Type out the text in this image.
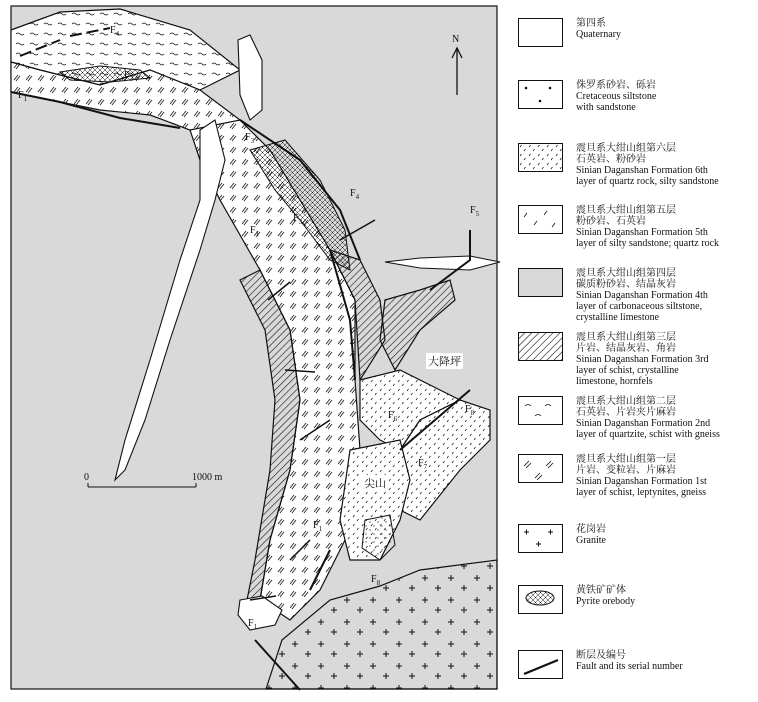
N
0	1000 m
$F_4$
$F_3$
$F_1$
$F_3$
$F_4$
$F_3$
$F_1$
$F_5$
$F_6$
$F_8$
$F_7$
$F_1$
$F_8$
$F_1$
大降坪
尖山
第四系
Quaternary
侏罗系砂岩、砾岩
Cretaceous siltstone
with sandstone
震旦系大绀山组第六层
石英岩、粉砂岩
Sinian Daganshan Formation 6th
layer of quartz rock, silty sandstone
震旦系大绀山组第五层
粉砂岩、石英岩
Sinian Daganshan Formation 5th
layer of silty sandstone; quartz rock
震旦系大绀山组第四层
碳质粉砂岩、结晶灰岩
Sinian Daganshan Formation 4th
layer of carbonaceous siltstone,
crystalline limestone
震旦系大绀山组第三层
片岩、结晶灰岩、角岩
Sinian Daganshan Formation 3rd
layer of schist, crystalline
limestone, hornfels
震旦系大绀山组第二层
石英岩、片岩夹片麻岩
Sinian Daganshan Formation 2nd
layer of quartzite, schist with gneiss
震旦系大绀山组第一层
片岩、变粒岩、片麻岩
Sinian Daganshan Formation 1st
layer of schist, leptynites, gneiss
花岗岩
Granite
黄铁矿矿体
Pyrite orebody
断层及编号
Fault and its serial number
